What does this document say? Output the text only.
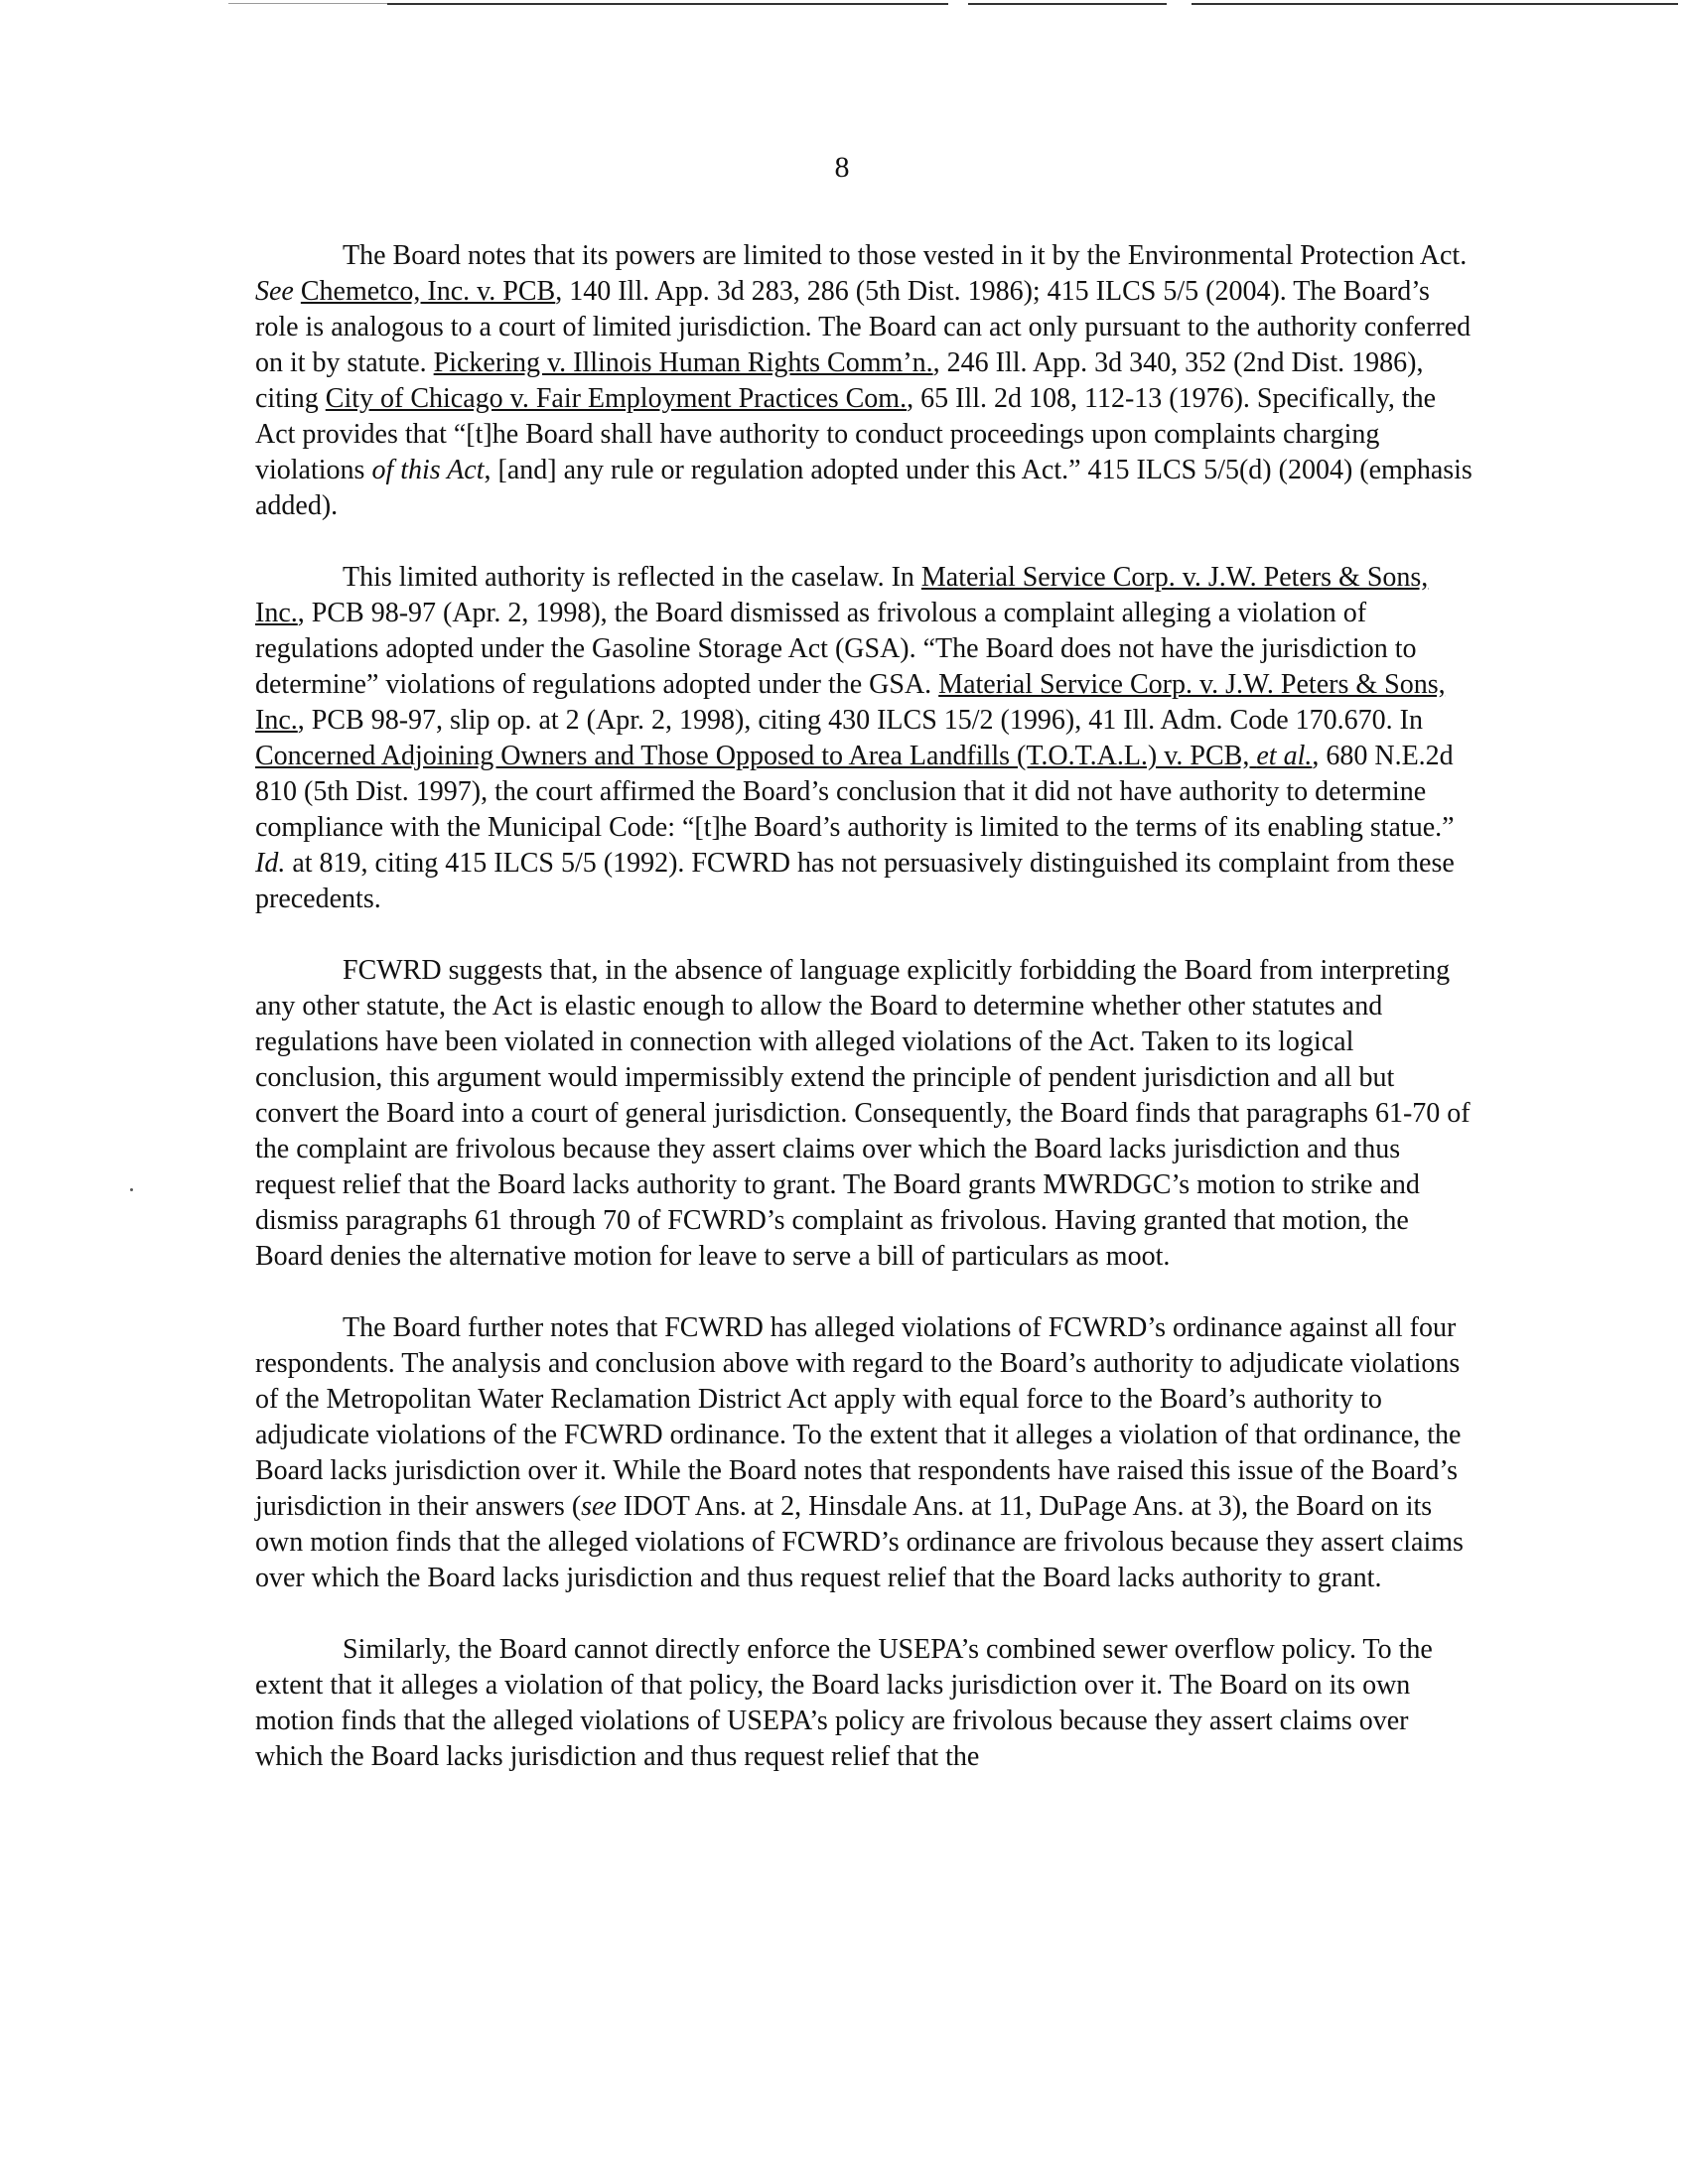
8

The Board notes that its powers are limited to those vested in it by the Environmental Protection Act. See Chemetco, Inc. v. PCB, 140 Ill. App. 3d 283, 286 (5th Dist. 1986); 415 ILCS 5/5 (2004). The Board’s role is analogous to a court of limited jurisdiction. The Board can act only pursuant to the authority conferred on it by statute. Pickering v. Illinois Human Rights Comm’n., 246 Ill. App. 3d 340, 352 (2nd Dist. 1986), citing City of Chicago v. Fair Employment Practices Com., 65 Ill. 2d 108, 112-13 (1976). Specifically, the Act provides that “[t]he Board shall have authority to conduct proceedings upon complaints charging violations of this Act, [and] any rule or regulation adopted under this Act.” 415 ILCS 5/5(d) (2004) (emphasis added).

This limited authority is reflected in the caselaw. In Material Service Corp. v. J.W. Peters & Sons, Inc., PCB 98-97 (Apr. 2, 1998), the Board dismissed as frivolous a complaint alleging a violation of regulations adopted under the Gasoline Storage Act (GSA). “The Board does not have the jurisdiction to determine” violations of regulations adopted under the GSA. Material Service Corp. v. J.W. Peters & Sons, Inc., PCB 98-97, slip op. at 2 (Apr. 2, 1998), citing 430 ILCS 15/2 (1996), 41 Ill. Adm. Code 170.670. In Concerned Adjoining Owners and Those Opposed to Area Landfills (T.O.T.A.L.) v. PCB, et al., 680 N.E.2d 810 (5th Dist. 1997), the court affirmed the Board’s conclusion that it did not have authority to determine compliance with the Municipal Code: “[t]he Board’s authority is limited to the terms of its enabling statue.” Id. at 819, citing 415 ILCS 5/5 (1992). FCWRD has not persuasively distinguished its complaint from these precedents.

FCWRD suggests that, in the absence of language explicitly forbidding the Board from interpreting any other statute, the Act is elastic enough to allow the Board to determine whether other statutes and regulations have been violated in connection with alleged violations of the Act. Taken to its logical conclusion, this argument would impermissibly extend the principle of pendent jurisdiction and all but convert the Board into a court of general jurisdiction. Consequently, the Board finds that paragraphs 61-70 of the complaint are frivolous because they assert claims over which the Board lacks jurisdiction and thus request relief that the Board lacks authority to grant. The Board grants MWRDGC’s motion to strike and dismiss paragraphs 61 through 70 of FCWRD’s complaint as frivolous. Having granted that motion, the Board denies the alternative motion for leave to serve a bill of particulars as moot.

The Board further notes that FCWRD has alleged violations of FCWRD’s ordinance against all four respondents. The analysis and conclusion above with regard to the Board’s authority to adjudicate violations of the Metropolitan Water Reclamation District Act apply with equal force to the Board’s authority to adjudicate violations of the FCWRD ordinance. To the extent that it alleges a violation of that ordinance, the Board lacks jurisdiction over it. While the Board notes that respondents have raised this issue of the Board’s jurisdiction in their answers (see IDOT Ans. at 2, Hinsdale Ans. at 11, DuPage Ans. at 3), the Board on its own motion finds that the alleged violations of FCWRD’s ordinance are frivolous because they assert claims over which the Board lacks jurisdiction and thus request relief that the Board lacks authority to grant.

Similarly, the Board cannot directly enforce the USEPA’s combined sewer overflow policy. To the extent that it alleges a violation of that policy, the Board lacks jurisdiction over it. The Board on its own motion finds that the alleged violations of USEPA’s policy are frivolous because they assert claims over which the Board lacks jurisdiction and thus request relief that the
